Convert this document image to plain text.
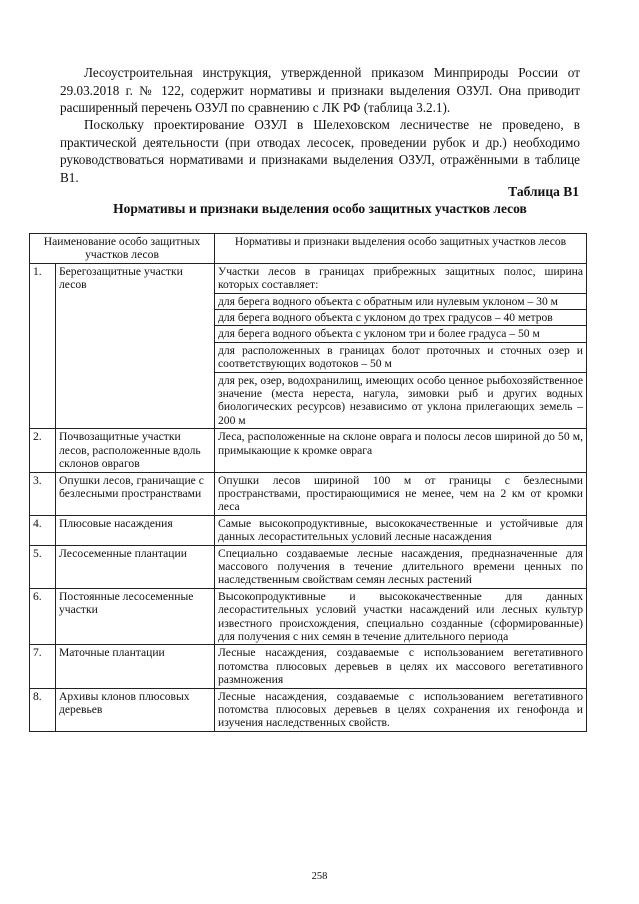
Лесоустроительная инструкция, утвержденной приказом Минприроды России от 29.03.2018 г. № 122, содержит нормативы и признаки выделения ОЗУЛ. Она приводит расширенный перечень ОЗУЛ по сравнению с ЛК РФ (таблица 3.2.1).

Поскольку проектирование ОЗУЛ в Шелеховском лесничестве не проведено, в практической деятельности (при отводах лесосек, проведении рубок и др.) необходимо руководствоваться нормативами и признаками выделения ОЗУЛ, отражёнными в таблице В1.

Таблица В1
Нормативы и признаки выделения особо защитных участков лесов
Наименование особо защитных участков лесов		Нормативы и признаки выделения особо защитных участков лесов
1.	Берегозащитные участки лесов	Участки лесов в границах прибрежных защитных полос, ширина которых составляет:
		для берега водного объекта с обратным или нулевым уклоном – 30 м
		для берега водного объекта с уклоном до трех градусов – 40 метров
		для берега водного объекта с уклоном три и более градуса – 50 м
		для расположенных в границах болот проточных и сточных озер и соответствующих водотоков – 50 м
		для рек, озер, водохранилищ, имеющих особо ценное рыбохозяйственное значение (места нереста, нагула, зимовки рыб и других водных биологических ресурсов) независимо от уклона прилегающих земель – 200 м
2.	Почвозащитные участки лесов, расположенные вдоль склонов оврагов	Леса, расположенные на склоне оврага и полосы лесов шириной до 50 м, примыкающие к кромке оврага
3.	Опушки лесов, граничащие с безлесными пространствами	Опушки лесов шириной 100 м от границы с безлесными пространствами, простирающимися не менее, чем на 2 км от кромки леса
4.	Плюсовые насаждения	Самые высокопродуктивные, высококачественные и устойчивые для данных лесорастительных условий лесные насаждения
5.	Лесосеменные плантации	Специально создаваемые лесные насаждения, предназначенные для массового получения в течение длительного времени ценных по наследственным свойствам семян лесных растений
6.	Постоянные лесосеменные участки	Высокопродуктивные и высококачественные для данных лесорастительных условий участки насаждений или лесных культур известного происхождения, специально созданные (сформированные) для получения с них семян в течение длительного периода
7.	Маточные плантации	Лесные насаждения, создаваемые с использованием вегетативного потомства плюсовых деревьев в целях их массового вегетативного размножения
8.	Архивы клонов плюсовых деревьев	Лесные насаждения, создаваемые с использованием вегетативного потомства плюсовых деревьев в целях сохранения их генофонда и изучения наследственных свойств.
258
